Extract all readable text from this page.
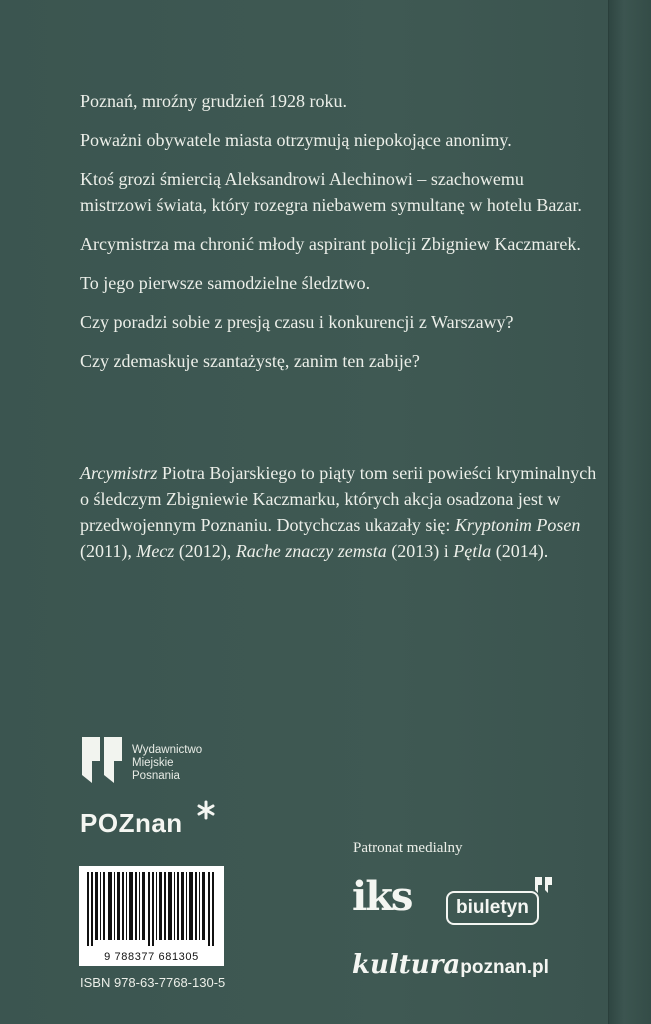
Poznań, mroźny grudzień 1928 roku.

Poważni obywatele miasta otrzymują niepokojące anonimy.

Ktoś grozi śmiercią Aleksandrowi Alechinowi – szachowemu mistrzowi świata, który rozegra niebawem symultanę w hotelu Bazar.

Arcymistrza ma chronić młody aspirant policji Zbigniew Kaczmarek.

To jego pierwsze samodzielne śledztwo.

Czy poradzi sobie z presją czasu i konkurencji z Warszawy?

Czy zdemaskuje szantażystę, zanim ten zabije?

Arcymistrz Piotra Bojarskiego to piąty tom serii powieści kryminalnych o śledczym Zbigniewie Kaczmarku, których akcja osadzona jest w przedwojennym Poznaniu. Dotychczas ukazały się: Kryptonim Posen (2011), Mecz (2012), Rache znaczy zemsta (2013) i Pętla (2014).
Wydawnictwo
Miejskie
Posnania
POZnan
9 788377 681305
ISBN 978-63-7768-130-5
Patronat medialny
iks	biuletyn
kulturapoznan.pl
